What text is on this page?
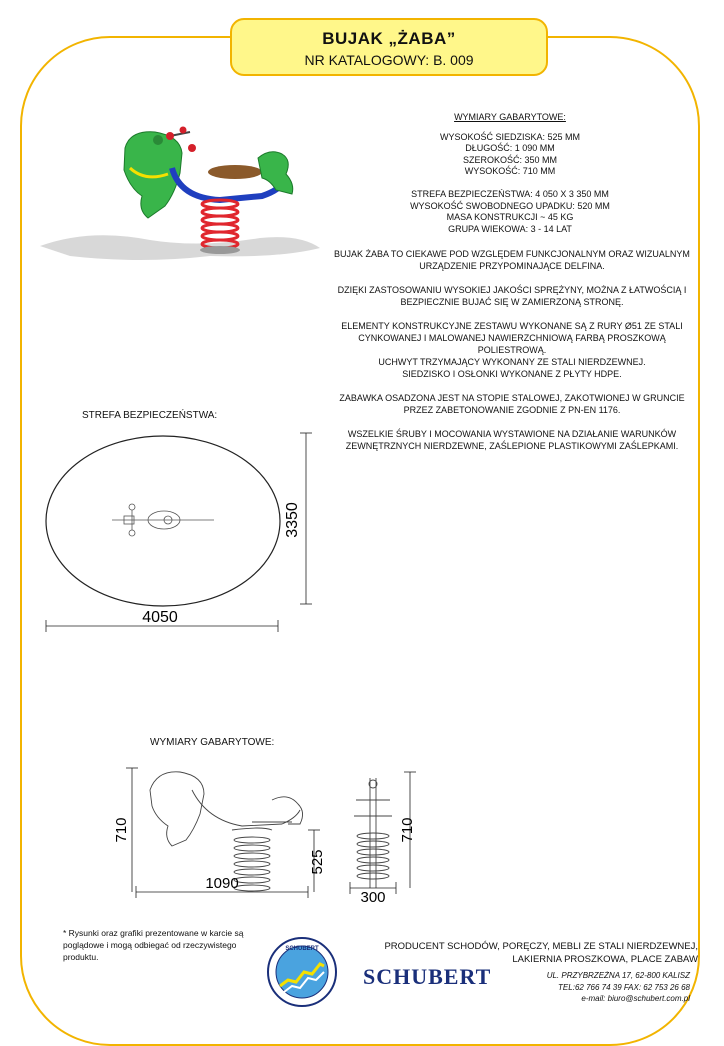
BUJAK „ŻABA”
NR KATALOGOWY: B. 009
WYMIARY GABARYTOWE:
WYSOKOŚĆ SIEDZISKA: 525 MM
DŁUGOŚĆ: 1 090 MM
SZEROKOŚĆ: 350 MM
WYSOKOŚĆ: 710 MM
STREFA BEZPIECZEŃSTWA: 4 050 X 3 350 MM
WYSOKOŚĆ SWOBODNEGO UPADKU: 520 MM
MASA KONSTRUKCJI ~ 45 KG
GRUPA WIEKOWA: 3 - 14 LAT

BUJAK ŻABA TO CIEKAWE POD WZGLĘDEM FUNKCJONALNYM ORAZ WIZUALNYM URZĄDZENIE PRZYPOMINAJĄCE DELFINA.

DZIĘKI ZASTOSOWANIU WYSOKIEJ JAKOŚCI SPRĘŻYNY, MOŻNA Z ŁATWOŚCIĄ I BEZPIECZNIE BUJAĆ SIĘ W ZAMIERZONĄ STRONĘ.

ELEMENTY KONSTRUKCYJNE ZESTAWU WYKONANE SĄ Z RURY Ø51 ZE STALI CYNKOWANEJ I MALOWANEJ NAWIERZCHNIOWĄ FARBĄ PROSZKOWĄ POLIESTROWĄ.
UCHWYT TRZYMAJĄCY WYKONANY ZE STALI NIERDZEWNEJ.
SIEDZISKO I OSŁONKI WYKONANE Z PŁYTY HDPE.

ZABAWKA OSADZONA JEST NA STOPIE STALOWEJ, ZAKOTWIONEJ W GRUNCIE PRZEZ ZABETONOWANIE ZGODNIE Z PN-EN 1176.

WSZELKIE ŚRUBY I MOCOWANIA WYSTAWIONE NA DZIAŁANIE WARUNKÓW ZEWNĘTRZNYCH NIERDZEWNE, ZAŚLEPIONE PLASTIKOWYMI ZAŚLEPKAMI.

STREFA BEZPIECZEŃSTWA:
3350
4050
WYMIARY GABARYTOWE:
710
525
1090
710
300
* Rysunki oraz grafiki prezentowane w karcie są poglądowe i mogą odbiegać od rzeczywistego produktu.
SCHUBERT	PRODUCENT SCHODÓW, PORĘCZY, MEBLI ZE STALI NIERDZEWNEJ,
LAKIERNIA PROSZKOWA, PLACE ZABAW
SCHUBERT	UL. PRZYBRZEŻNA 17, 62-800 KALISZ
TEL:62 766 74 39 FAX: 62 753 26 68
e-mail: biuro@schubert.com.pl
